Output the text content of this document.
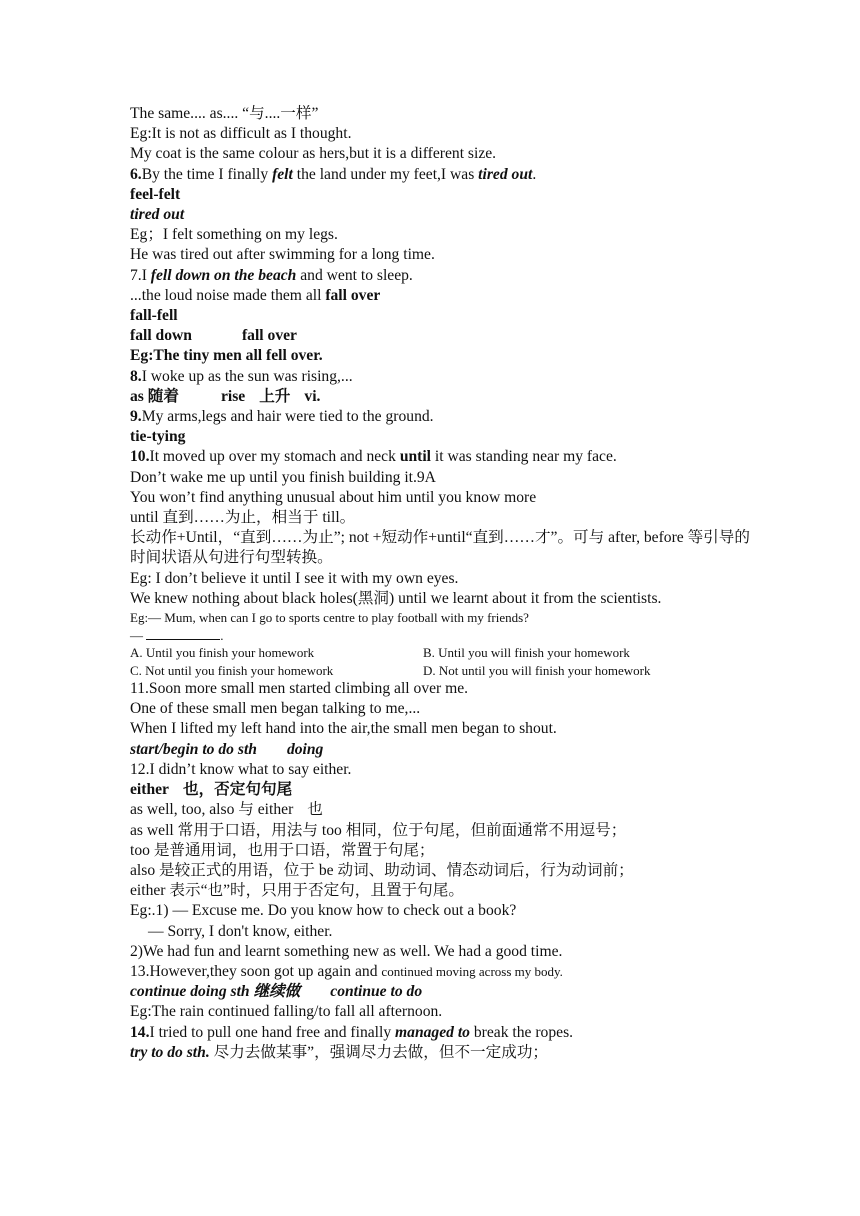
The same.... as.... “与....一样”
Eg:It is not as difficult as I thought.
My coat is the same colour as hers,but it is a different size.
6.By the time I finally felt the land under my feet,I was tired out.
feel-felt
tired out
Eg；I felt something on my legs.
He was tired out after swimming for a long time.
7.I fell down on the beach and went to sleep.
...the loud noise made them all fall over
fall-fell
fall down	fall over
Eg:The tiny men all fell over.
8.I woke up as the sun was rising,...
as 随着	rise 上升 vi.
9.My arms,legs and hair were tied to the ground.
tie-tying
10.It moved up over my stomach and neck until it was standing near my face.
Don’t wake me up until you finish building it.9A
You won’t find anything unusual about him until you know more
until 直到……为止，相当于 till。
长动作+Until，“直到……为止”; not +短动作+until“直到……才”。可与 after, before 等引导的时间状语从句进行句型转换。
Eg: I don’t believe it until I see it with my own eyes.
We knew nothing about black holes(黑洞) until we learnt about it from the scientists.
Eg:— Mum, when can I go to sports centre to play football with my friends?
—	.
A. Until you finish your homework	B. Until you will finish your homework
C. Not until you finish your homework	D. Not until you will finish your homework
11.Soon more small men started climbing all over me.
One of these small men began talking to me,...
When I lifted my left hand into the air,the small men began to shout.
start/begin to do sth doing
12.I didn’t know what to say either.
either 也，否定句句尾
as well, too, also 与 either 也
as well 常用于口语，用法与 too 相同，位于句尾，但前面通常不用逗号；
too 是普通用词，也用于口语，常置于句尾；
also 是较正式的用语，位于 be 动词、助动词、情态动词后，行为动词前；
either 表示“也”时，只用于否定句，且置于句尾。
Eg:.1) — Excuse me. Do you know how to check out a book?
— Sorry, I don't know, either.
2)We had fun and learnt something new as well. We had a good time.
13.However,they soon got up again and continued moving across my body.
continue doing sth 继续做 continue to do
Eg:The rain continued falling/to fall all afternoon.
14.I tried to pull one hand free and finally managed to break the ropes.
try to do sth. 尽力去做某事”，强调尽力去做，但不一定成功；
